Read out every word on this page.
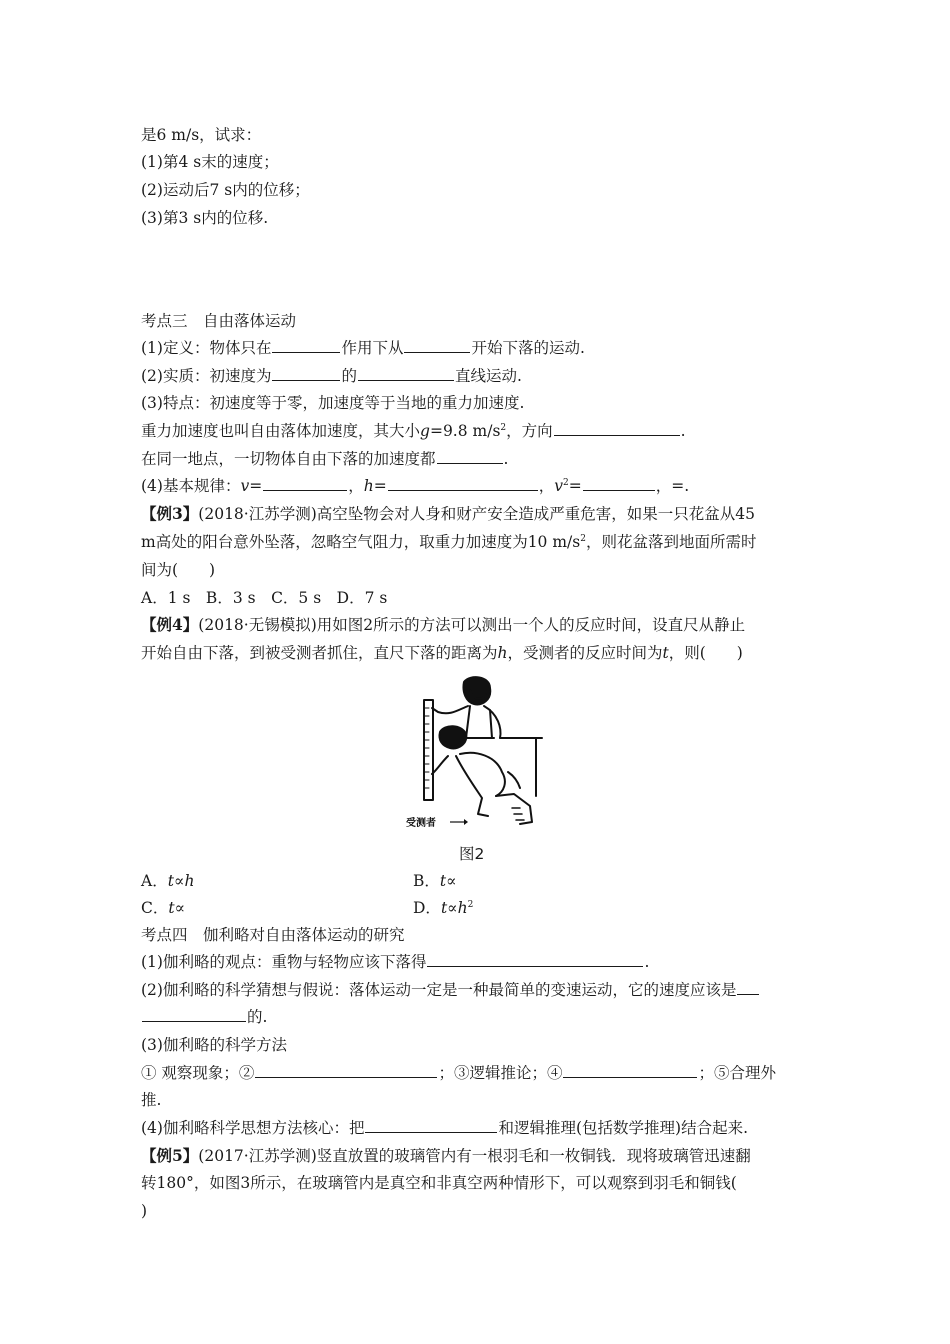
是6 m/s，试求：
(1)第4 s末的速度；
(2)运动后7 s内的位移；
(3)第3 s内的位移.
考点三　自由落体运动
(1)定义：物体只在	作用下从	开始下落的运动.
(2)实质：初速度为	的	直线运动.
(3)特点：初速度等于零，加速度等于当地的重力加速度.
重力加速度也叫自由落体加速度，其大小g=9.8 $m/s^2$，方向	.
在同一地点，一切物体自由下落的加速度都	.
(4)基本规律：v=	，h=	，$v^2=$	，=.
【例3】(2018·江苏学测)高空坠物会对人身和财产安全造成严重危害，如果一只花盆从45
m高处的阳台意外坠落，忽略空气阻力，取重力加速度为10 $m/s^2$，则花盆落到地面所需时
间为(　　)
A．1 s　B．3 s　C．5 s　D．7 s
【例4】(2018·无锡模拟)用如图2所示的方法可以测出一个人的反应时间，设直尺从静止
开始自由下落，到被受测者抓住，直尺下落的距离为h，受测者的反应时间为t，则(　　)
受测者
图2
A．t∝h	B．t∝
C．t∝	D．$t\propto h^2$
考点四　伽利略对自由落体运动的研究
(1)伽利略的观点：重物与轻物应该下落得	.
(2)伽利略的科学猜想与假说：落体运动一定是一种最简单的变速运动，它的速度应该是
的.
(3)伽利略的科学方法
① 观察现象；②	；③逻辑推论；④	；⑤合理外
推.
(4)伽利略科学思想方法核心：把	和逻辑推理(包括数学推理)结合起来.
【例5】(2017·江苏学测)竖直放置的玻璃管内有一根羽毛和一枚铜钱．现将玻璃管迅速翻
转180°，如图3所示，在玻璃管内是真空和非真空两种情形下，可以观察到羽毛和铜钱(
)
